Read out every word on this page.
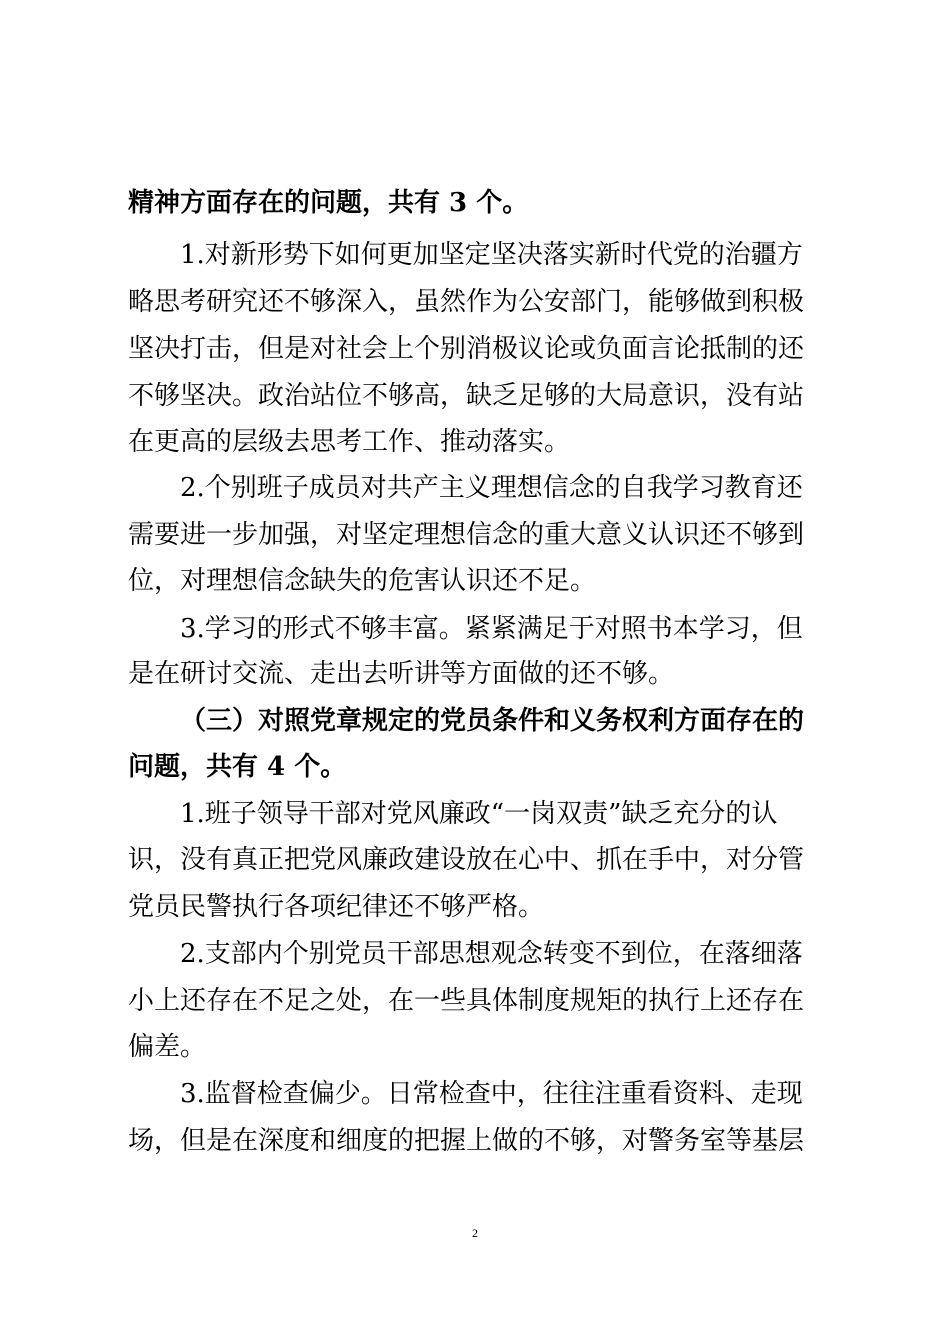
精神方面存在的问题，共有 3 个。
1.对新形势下如何更加坚定坚决落实新时代党的治疆方
略思考研究还不够深入，虽然作为公安部门，能够做到积极
坚决打击，但是对社会上个别消极议论或负面言论抵制的还
不够坚决。政治站位不够高，缺乏足够的大局意识，没有站
在更高的层级去思考工作、推动落实。
2.个别班子成员对共产主义理想信念的自我学习教育还
需要进一步加强，对坚定理想信念的重大意义认识还不够到
位，对理想信念缺失的危害认识还不足。
3.学习的形式不够丰富。紧紧满足于对照书本学习，但
是在研讨交流、走出去听讲等方面做的还不够。
（三）对照党章规定的党员条件和义务权利方面存在的
问题，共有 4 个。
1.班子领导干部对党风廉政“一岗双责”缺乏充分的认
识，没有真正把党风廉政建设放在心中、抓在手中，对分管
党员民警执行各项纪律还不够严格。
2.支部内个别党员干部思想观念转变不到位，在落细落
小上还存在不足之处，在一些具体制度规矩的执行上还存在
偏差。
3.监督检查偏少。日常检查中，往往注重看资料、走现
场，但是在深度和细度的把握上做的不够，对警务室等基层
2
